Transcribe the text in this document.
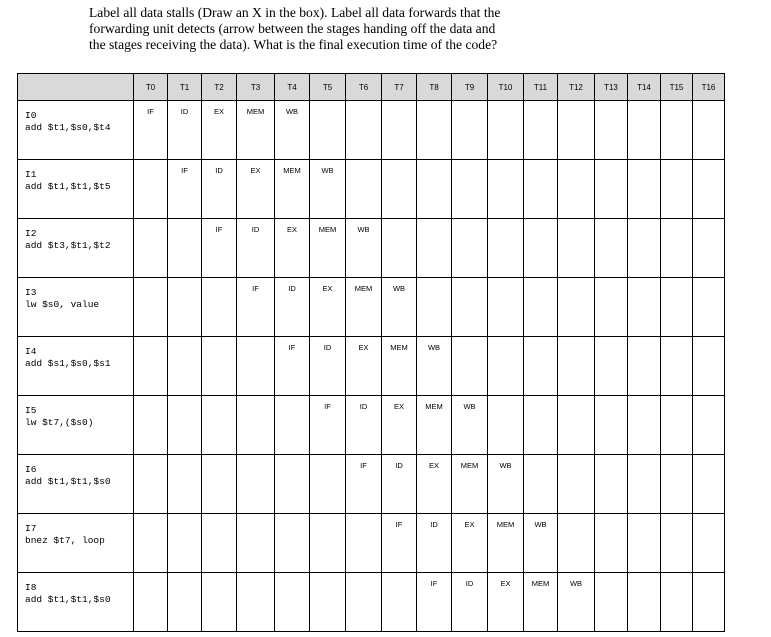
Label all data stalls (Draw an X in the box). Label all data forwards that the
forwarding unit detects (arrow between the stages handing off the data and
the stages receiving the data). What is the final execution time of the code?
	T0	T1	T2	T3	T4	T5	T6	T7	T8	T9	T10	T11	T12	T13	T14	T15	T16

I0
add $t1,$s0,$t4	IF	ID	EX	MEM	WB												

I1
add $t1,$t1,$t5		IF	ID	EX	MEM	WB											

I2
add $t3,$t1,$t2			IF	ID	EX	MEM	WB										

I3
lw $s0, value				IF	ID	EX	MEM	WB									

I4
add $s1,$s0,$s1					IF	ID	EX	MEM	WB								

I5
lw $t7,($s0)						IF	ID	EX	MEM	WB							

I6
add $t1,$t1,$s0							IF	ID	EX	MEM	WB						

I7
bnez $t7, loop								IF	ID	EX	MEM	WB					

I8
add $t1,$t1,$s0									IF	ID	EX	MEM	WB				
